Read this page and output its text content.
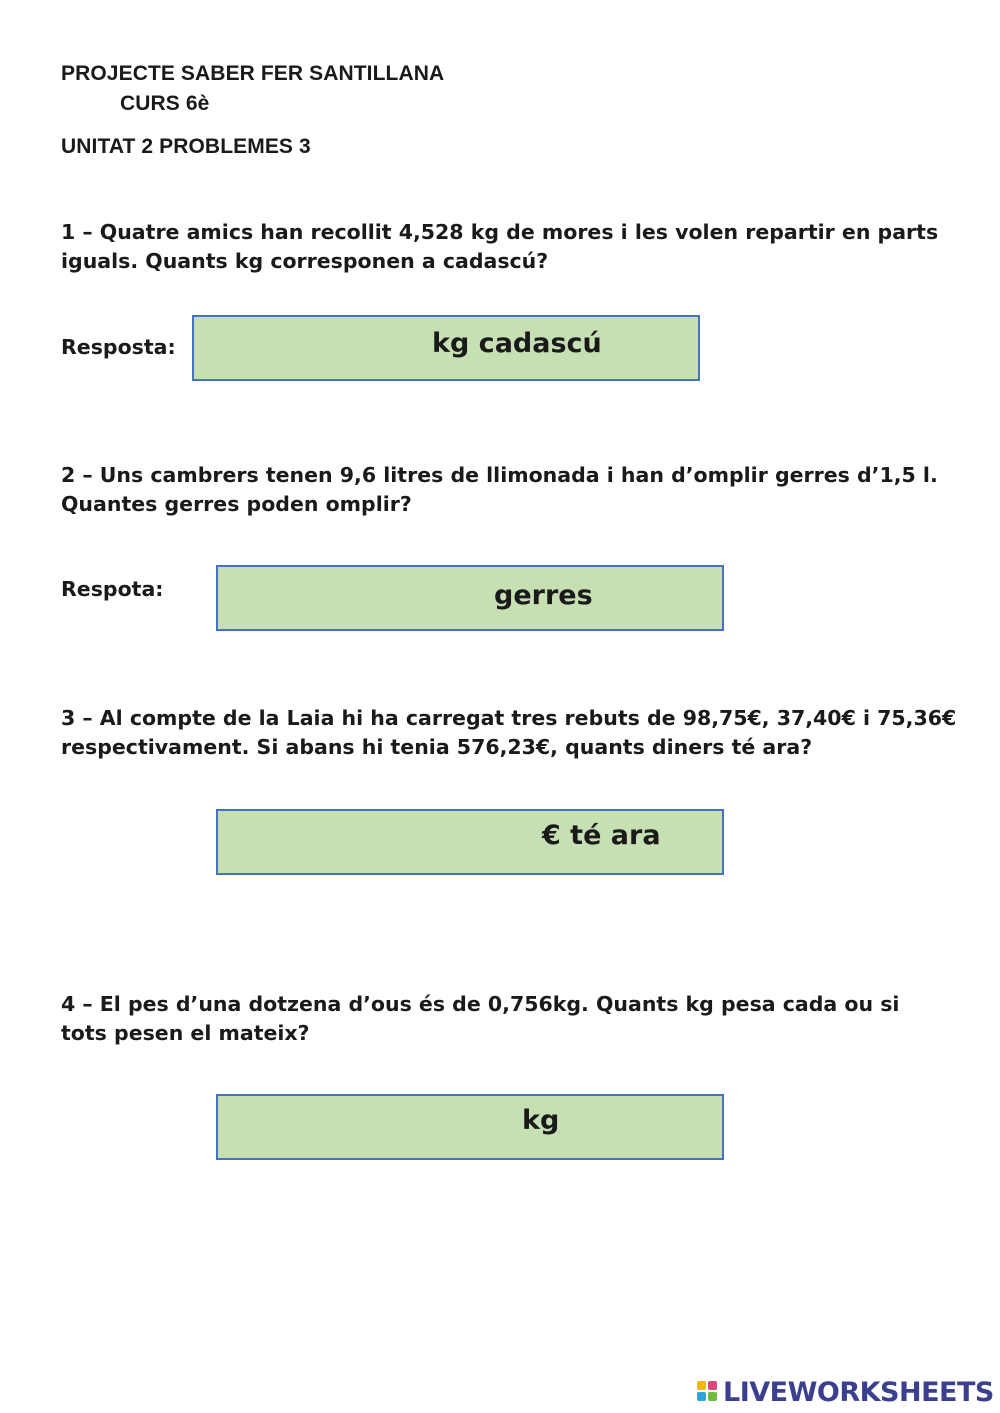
PROJECTE SABER FER SANTILLANA
CURS 6è
UNITAT 2 PROBLEMES 3
1 – Quatre amics han recollit 4,528 kg de mores i les volen repartir en parts iguals. Quants kg corresponen a cadascú?
Resposta:	kg cadascú
2 – Uns cambrers tenen 9,6 litres de llimonada i han d’omplir gerres d’1,5 l. Quantes gerres poden omplir?
Respota:	gerres
3 – Al compte de la Laia hi ha carregat tres rebuts de 98,75€, 37,40€ i 75,36€ respectivament. Si abans hi tenia 576,23€, quants diners té ara?
€ té ara
4 – El pes d’una dotzena d’ous és de 0,756kg. Quants kg pesa cada ou si tots pesen el mateix?
kg
LIVEWORKSHEETS
